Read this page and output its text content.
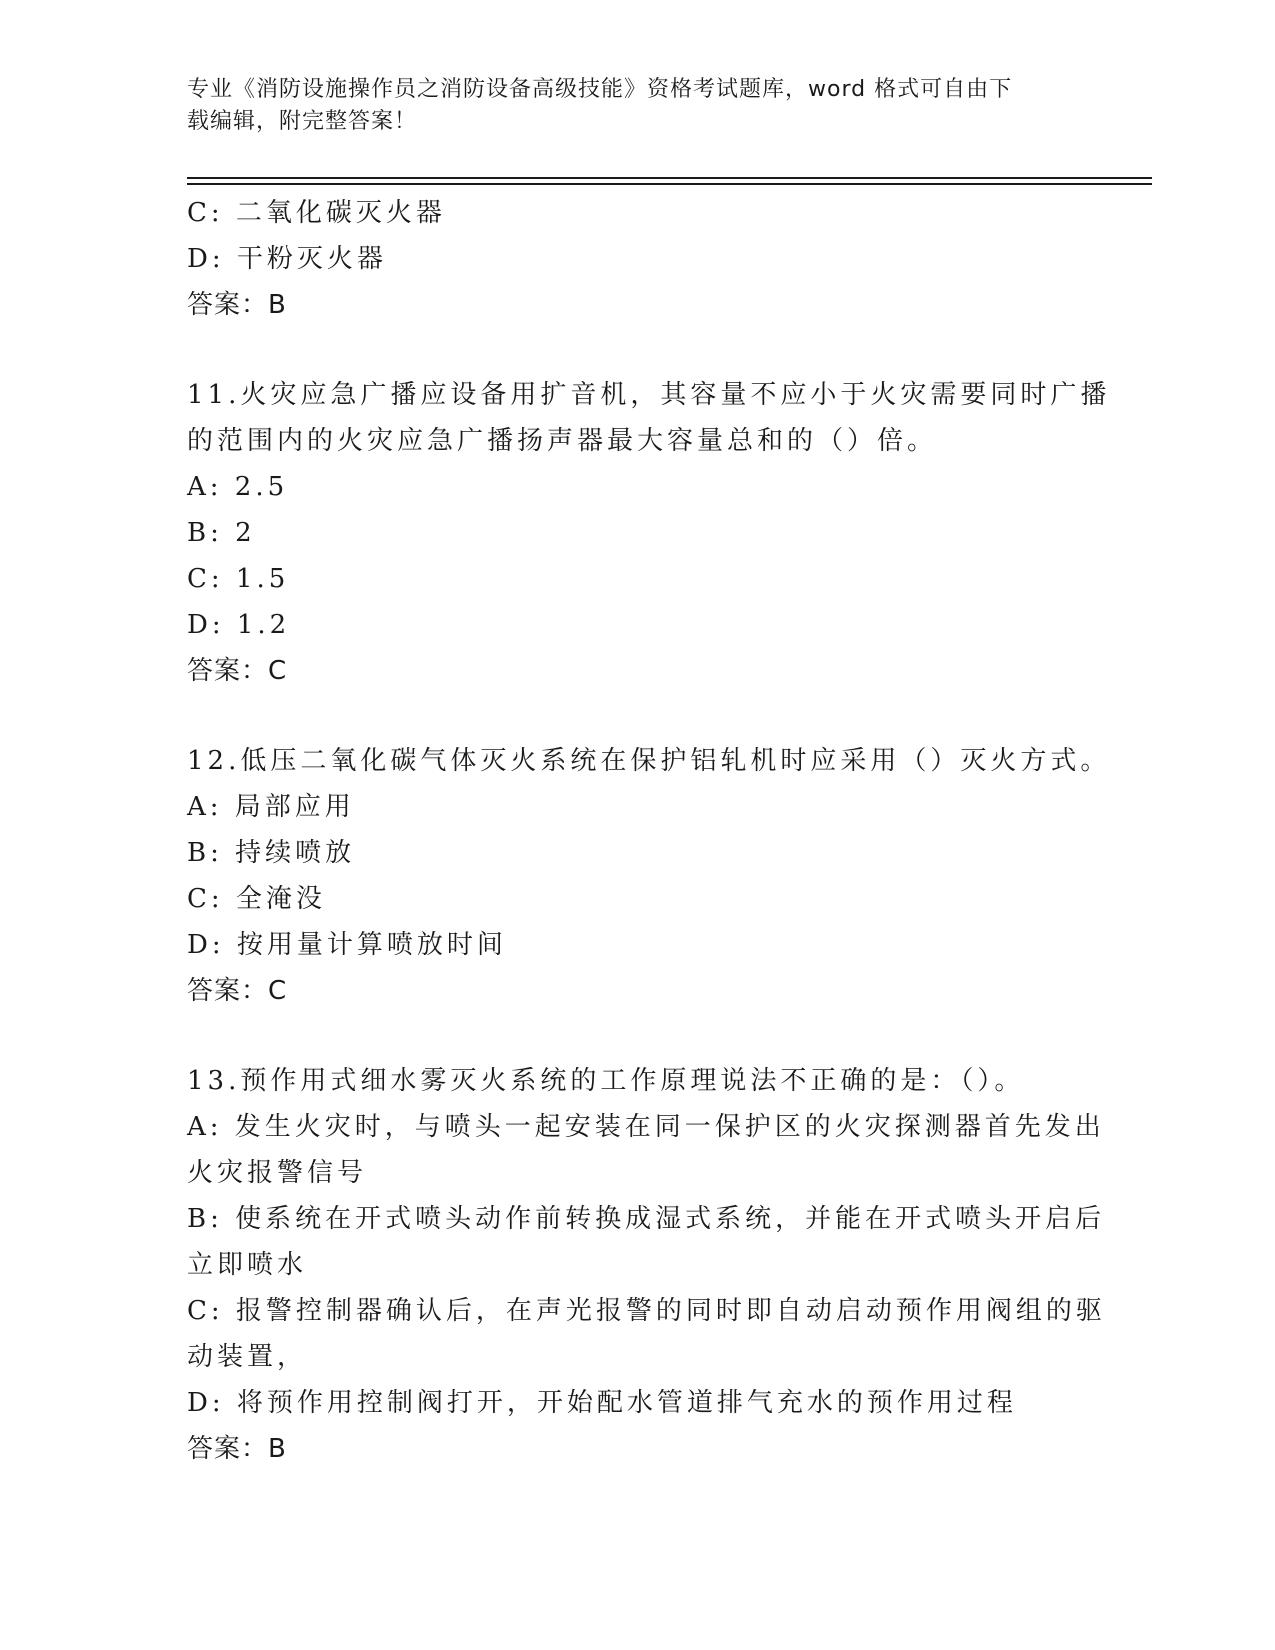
专业《消防设施操作员之消防设备高级技能》资格考试题库，word 格式可自由下
载编辑，附完整答案！
C: 二氧化碳灭火器
D: 干粉灭火器
答案：B
11.火灾应急广播应设备用扩音机，其容量不应小于火灾需要同时广播
的范围内的火灾应急广播扬声器最大容量总和的（）倍。
A: 2.5
B: 2
C: 1.5
D: 1.2
答案：C
12.低压二氧化碳气体灭火系统在保护铝轧机时应采用（）灭火方式。
A: 局部应用
B: 持续喷放
C: 全淹没
D: 按用量计算喷放时间
答案：C
13.预作用式细水雾灭火系统的工作原理说法不正确的是：（）。
A: 发生火灾时，与喷头一起安装在同一保护区的火灾探测器首先发出
火灾报警信号
B: 使系统在开式喷头动作前转换成湿式系统，并能在开式喷头开启后
立即喷水
C: 报警控制器确认后，在声光报警的同时即自动启动预作用阀组的驱
动装置，
D: 将预作用控制阀打开，开始配水管道排气充水的预作用过程
答案：B
